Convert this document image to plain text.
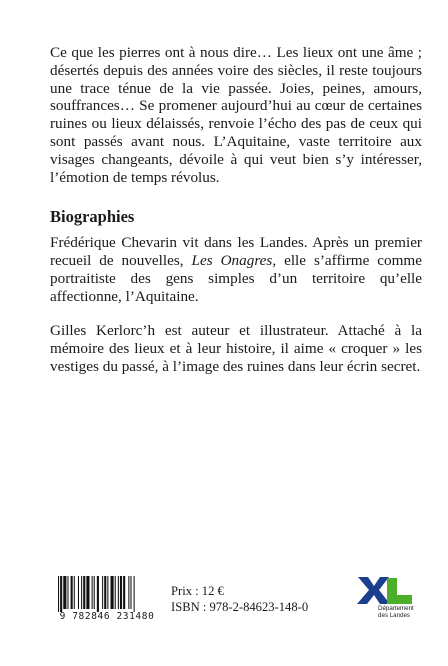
Ce que les pierres ont à nous dire… Les lieux ont une âme ; désertés depuis des années voire des siècles, il reste toujours une trace ténue de la vie passée. Joies, peines, amours, souffrances… Se promener aujourd’hui au cœur de certaines ruines ou lieux délaissés, renvoie l’écho des pas de ceux qui sont passés avant nous. L’Aquitaine, vaste territoire aux visages changeants, dévoile à qui veut bien s’y intéresser, l’émotion de temps révolus.

Biographies

Frédérique Chevarin vit dans les Landes. Après un premier recueil de nouvelles, Les Onagres, elle s’affirme comme portraitiste des gens simples d’un territoire qu’elle affectionne, l’Aquitaine.

Gilles Kerlorc’h est auteur et illustrateur. Attaché à la mémoire des lieux et à leur histoire, il aime « croquer » les vestiges du passé, à l’image des ruines dans leur écrin secret.

9 782846 231480
Prix : 12 €
ISBN : 978-2-84623-148-0	Département
des Landes
